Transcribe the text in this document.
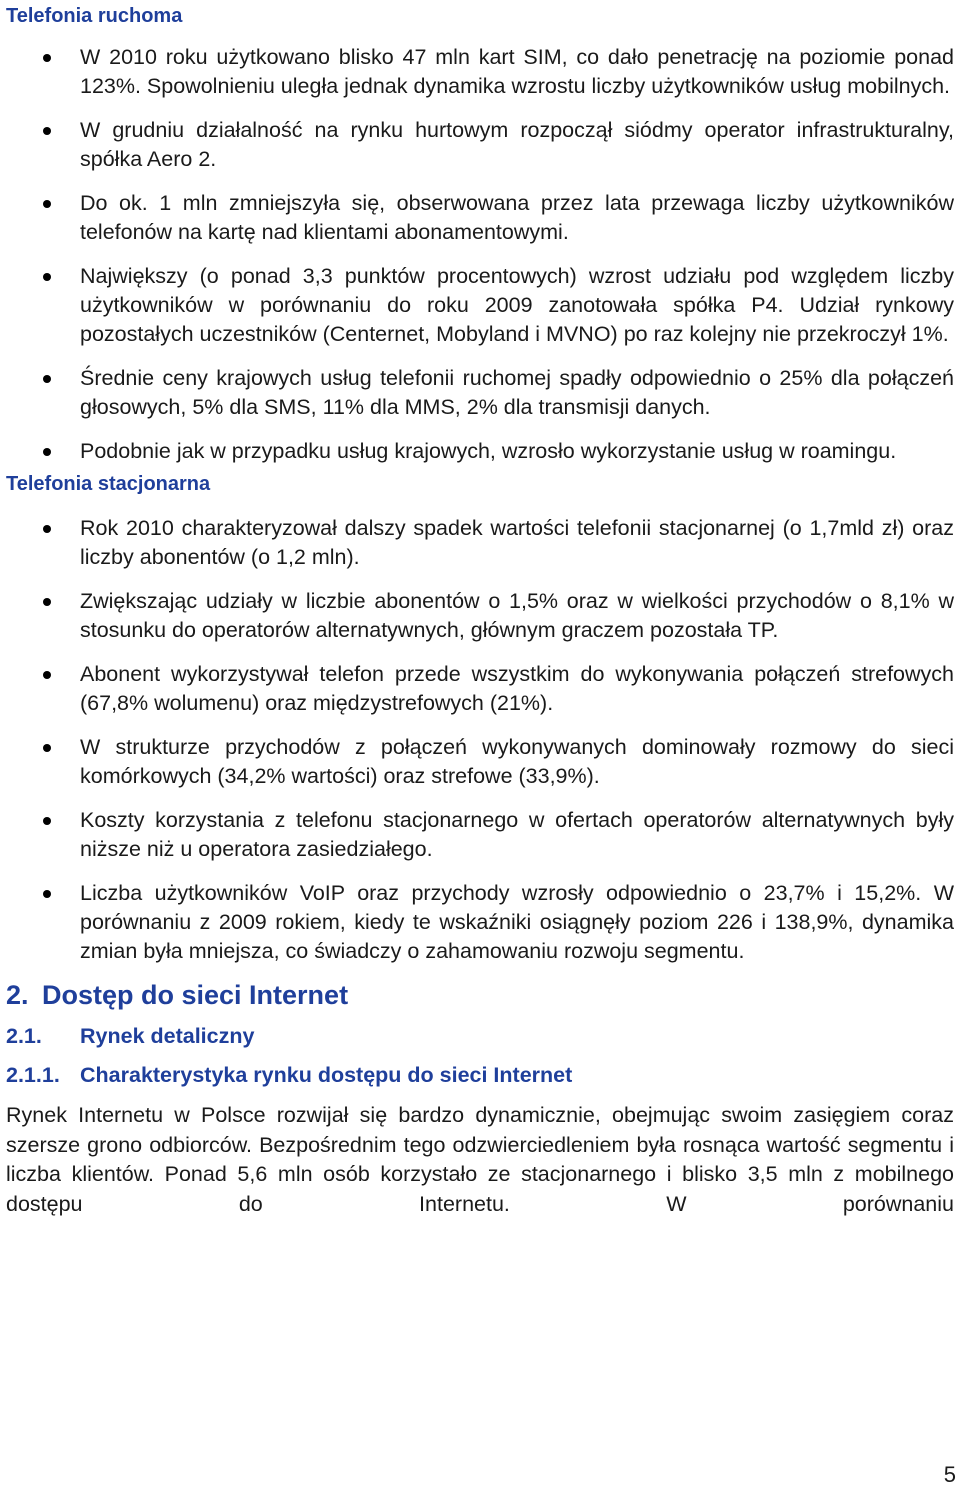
Telefonia ruchoma
W 2010 roku użytkowano blisko 47 mln kart SIM, co dało penetrację na poziomie ponad 123%. Spowolnieniu uległa jednak dynamika wzrostu liczby użytkowników usług mobilnych.
W grudniu działalność na rynku hurtowym rozpoczął siódmy operator infrastrukturalny, spółka Aero 2.
Do ok. 1 mln zmniejszyła się, obserwowana przez lata przewaga liczby użytkowników telefonów na kartę nad klientami abonamentowymi.
Największy (o ponad 3,3 punktów procentowych) wzrost udziału pod względem liczby użytkowników w porównaniu do roku 2009 zanotowała spółka P4. Udział rynkowy pozostałych uczestników (Centernet, Mobyland i MVNO) po raz kolejny nie przekroczył 1%.
Średnie ceny krajowych usług telefonii ruchomej spadły odpowiednio o 25% dla połączeń głosowych, 5% dla SMS, 11% dla MMS, 2% dla transmisji danych.
Podobnie jak w przypadku usług krajowych, wzrosło wykorzystanie usług w roamingu.
Telefonia stacjonarna
Rok 2010 charakteryzował dalszy spadek wartości telefonii stacjonarnej (o 1,7mld zł) oraz liczby abonentów (o 1,2 mln).
Zwiększając udziały w liczbie abonentów o 1,5% oraz w wielkości przychodów o 8,1% w stosunku do operatorów alternatywnych, głównym graczem pozostała TP.
Abonent wykorzystywał telefon przede wszystkim do wykonywania połączeń strefowych (67,8% wolumenu) oraz międzystrefowych (21%).
W strukturze przychodów z połączeń wykonywanych dominowały rozmowy do sieci komórkowych (34,2% wartości) oraz strefowe (33,9%).
Koszty korzystania z telefonu stacjonarnego w ofertach operatorów alternatywnych były niższe niż u operatora zasiedziałego.
Liczba użytkowników VoIP oraz przychody wzrosły odpowiednio o 23,7% i 15,2%. W porównaniu z 2009 rokiem, kiedy te wskaźniki osiągnęły poziom 226 i 138,9%, dynamika zmian była mniejsza, co świadczy o zahamowaniu rozwoju segmentu.
2. Dostęp do sieci Internet
2.1.	Rynek detaliczny
2.1.1. Charakterystyka rynku dostępu do sieci Internet

Rynek Internetu w Polsce rozwijał się bardzo dynamicznie, obejmując swoim zasięgiem coraz szersze grono odbiorców. Bezpośrednim tego odzwierciedleniem była rosnąca wartość segmentu i liczba klientów. Ponad 5,6 mln osób korzystało ze stacjonarnego i blisko 3,5 mln z mobilnego dostępu do Internetu. W porównaniu

5
